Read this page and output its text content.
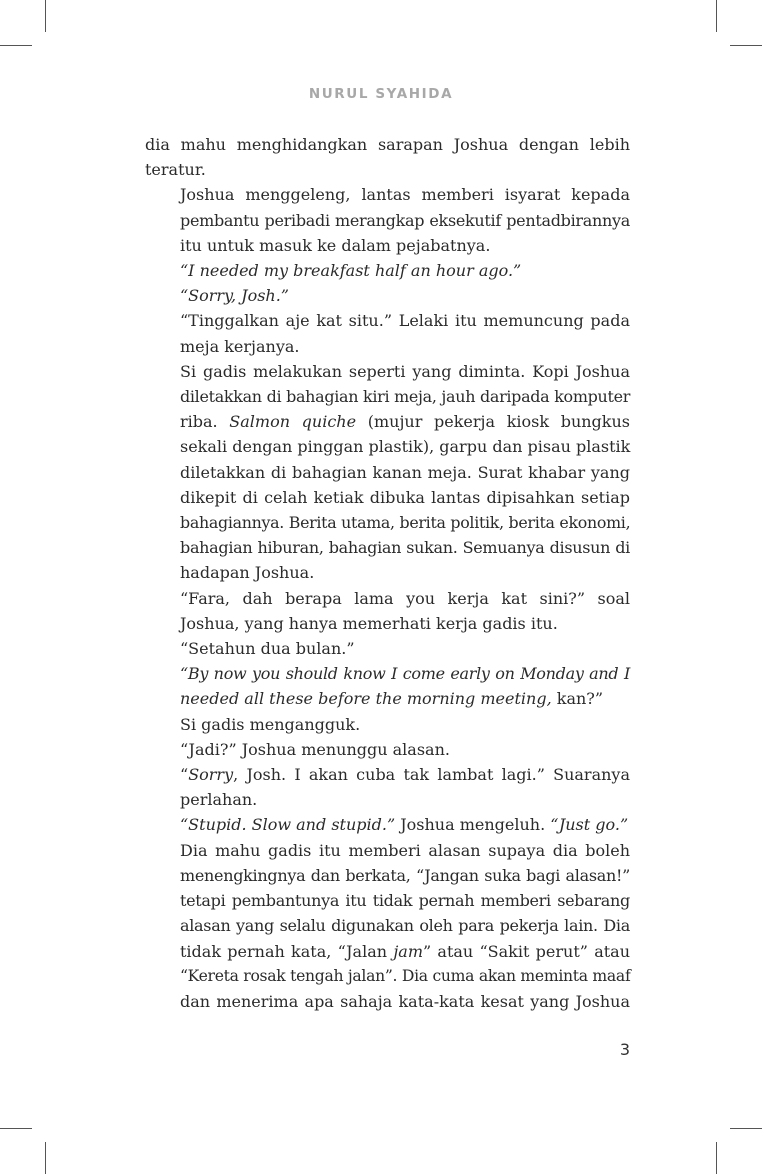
NURUL SYAHIDA

dia mahu menghidangkan sarapan Joshua dengan lebih
teratur.

Joshua menggeleng, lantas memberi isyarat kepada
pembantu peribadi merangkap eksekutif pentadbirannya
itu untuk masuk ke dalam pejabatnya.

“I needed my breakfast half an hour ago.”

“Sorry, Josh.”

“Tinggalkan aje kat situ.” Lelaki itu memuncung pada
meja kerjanya.

Si gadis melakukan seperti yang diminta. Kopi Joshua
diletakkan di bahagian kiri meja, jauh daripada komputer
riba. Salmon quiche (mujur pekerja kiosk bungkus
sekali dengan pinggan plastik), garpu dan pisau plastik
diletakkan di bahagian kanan meja. Surat khabar yang
dikepit di celah ketiak dibuka lantas dipisahkan setiap
bahagiannya. Berita utama, berita politik, berita ekonomi,
bahagian hiburan, bahagian sukan. Semuanya disusun di
hadapan Joshua.

“Fara, dah berapa lama you kerja kat sini?” soal
Joshua, yang hanya memerhati kerja gadis itu.

“Setahun dua bulan.”

“By now you should know I come early on Monday and I
needed all these before the morning meeting, kan?”

Si gadis mengangguk.

“Jadi?” Joshua menunggu alasan.

“Sorry, Josh. I akan cuba tak lambat lagi.” Suaranya
perlahan.

“Stupid. Slow and stupid.” Joshua mengeluh. “Just go.”

Dia mahu gadis itu memberi alasan supaya dia boleh
menengkingnya dan berkata, “Jangan suka bagi alasan!”
tetapi pembantunya itu tidak pernah memberi sebarang
alasan yang selalu digunakan oleh para pekerja lain. Dia
tidak pernah kata, “Jalan jam” atau “Sakit perut” atau
“Kereta rosak tengah jalan”. Dia cuma akan meminta maaf
dan menerima apa sahaja kata-kata kesat yang Joshua

3
